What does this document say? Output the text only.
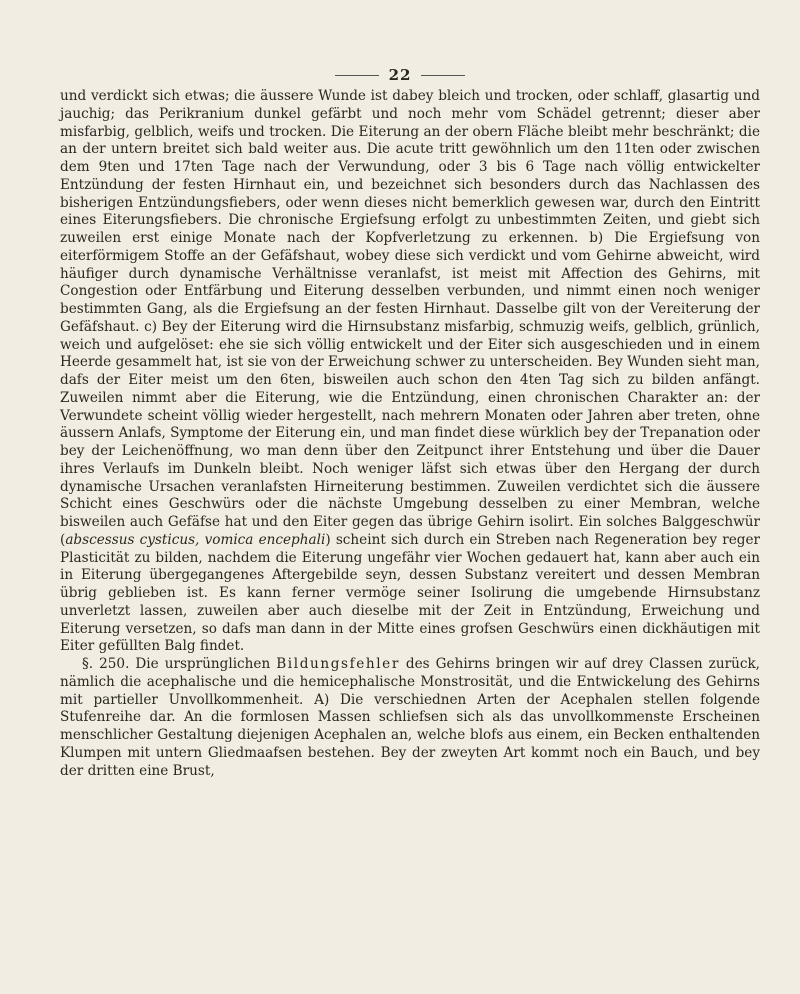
22

und verdickt sich etwas; die äussere Wunde ist dabey bleich und trocken, oder schlaff, glasartig und jauchig; das Perikranium dunkel gefärbt und noch mehr vom Schädel getrennt; dieser aber misfarbig, gelblich, weifs und trocken. Die Eiterung an der obern Fläche bleibt mehr beschränkt; die an der untern breitet sich bald weiter aus. Die acute tritt gewöhnlich um den 11ten oder zwischen dem 9ten und 17ten Tage nach der Verwundung, oder 3 bis 6 Tage nach völlig entwickelter Entzündung der festen Hirnhaut ein, und bezeichnet sich besonders durch das Nachlassen des bisherigen Entzündungsfiebers, oder wenn dieses nicht bemerklich gewesen war, durch den Eintritt eines Eiterungsfiebers. Die chronische Ergiefsung erfolgt zu unbestimmten Zeiten, und giebt sich zuweilen erst einige Monate nach der Kopfverletzung zu erkennen. b) Die Ergiefsung von eiterförmigem Stoffe an der Gefäfshaut, wobey diese sich verdickt und vom Gehirne abweicht, wird häufiger durch dynamische Verhältnisse veranlafst, ist meist mit Affection des Gehirns, mit Congestion oder Entfärbung und Eiterung desselben verbunden, und nimmt einen noch weniger bestimmten Gang, als die Ergiefsung an der festen Hirnhaut. Dasselbe gilt von der Vereiterung der Gefäfshaut. c) Bey der Eiterung wird die Hirnsubstanz misfarbig, schmuzig weifs, gelblich, grünlich, weich und aufgelöset: ehe sie sich völlig entwickelt und der Eiter sich ausgeschieden und in einem Heerde gesammelt hat, ist sie von der Erweichung schwer zu unterscheiden. Bey Wunden sieht man, dafs der Eiter meist um den 6ten, bisweilen auch schon den 4ten Tag sich zu bilden anfängt. Zuweilen nimmt aber die Eiterung, wie die Entzündung, einen chronischen Charakter an: der Verwundete scheint völlig wieder hergestellt, nach mehrern Monaten oder Jahren aber treten, ohne äussern Anlafs, Symptome der Eiterung ein, und man findet diese würklich bey der Trepanation oder bey der Leichenöffnung, wo man denn über den Zeitpunct ihrer Entstehung und über die Dauer ihres Verlaufs im Dunkeln bleibt. Noch weniger läfst sich etwas über den Hergang der durch dynamische Ursachen veranlafsten Hirneiterung bestimmen. Zuweilen verdichtet sich die äussere Schicht eines Geschwürs oder die nächste Umgebung desselben zu einer Membran, welche bisweilen auch Gefäfse hat und den Eiter gegen das übrige Gehirn isolirt. Ein solches Balggeschwür (abscessus cysticus, vomica encephali) scheint sich durch ein Streben nach Regeneration bey reger Plasticität zu bilden, nachdem die Eiterung ungefähr vier Wochen gedauert hat, kann aber auch ein in Eiterung übergegangenes Aftergebilde seyn, dessen Substanz vereitert und dessen Membran übrig geblieben ist. Es kann ferner vermöge seiner Isolirung die umgebende Hirnsubstanz unverletzt lassen, zuweilen aber auch dieselbe mit der Zeit in Entzündung, Erweichung und Eiterung versetzen, so dafs man dann in der Mitte eines grofsen Geschwürs einen dickhäutigen mit Eiter gefüllten Balg findet.

§. 250. Die ursprünglichen Bildungsfehler des Gehirns bringen wir auf drey Classen zurück, nämlich die acephalische und die hemicephalische Monstrosität, und die Entwickelung des Gehirns mit partieller Unvollkommenheit. A) Die verschiednen Arten der Acephalen stellen folgende Stufenreihe dar. An die formlosen Massen schliefsen sich als das unvollkommenste Erscheinen menschlicher Gestaltung diejenigen Acephalen an, welche blofs aus einem, ein Becken enthaltenden Klumpen mit untern Gliedmaafsen bestehen. Bey der zweyten Art kommt noch ein Bauch, und bey der dritten eine Brust,
